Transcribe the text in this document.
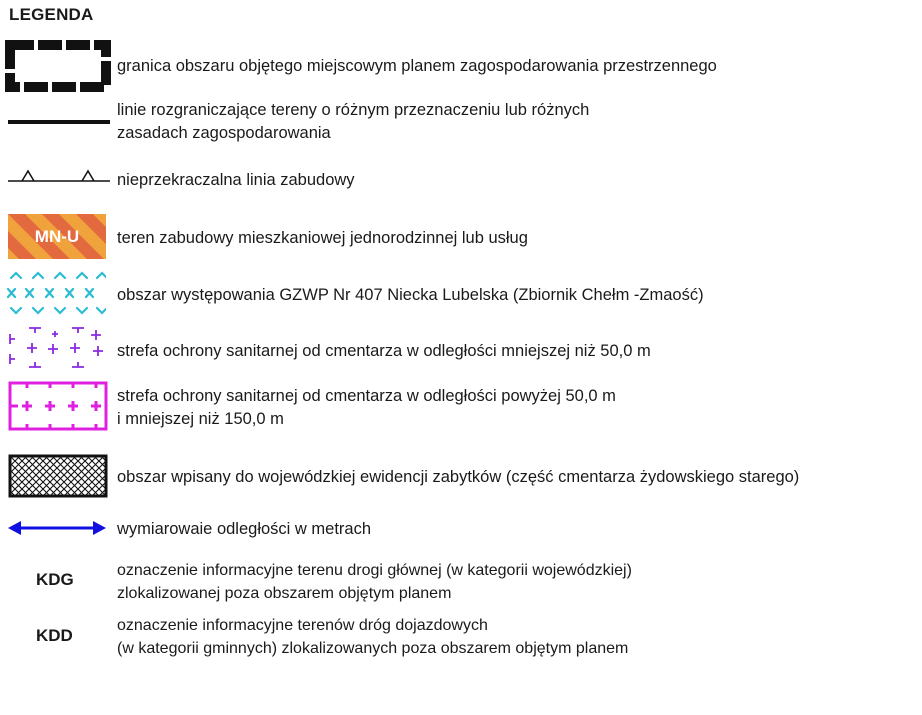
LEGENDA
granica obszaru objętego miejscowym planem zagospodarowania przestrzennego
linie rozgraniczające tereny o różnym przeznaczeniu lub różnych
zasadach zagospodarowania
nieprzekraczalna linia zabudowy
MN-U teren zabudowy mieszkaniowej jednorodzinnej lub usług
obszar występowania GZWP Nr 407 Niecka Lubelska (Zbiornik Chełm -Zmaość)
strefa ochrony sanitarnej od cmentarza w odległości mniejszej niż 50,0 m
strefa ochrony sanitarnej od cmentarza w odległości powyżej 50,0 m
i mniejszej niż 150,0 m
obszar wpisany do wojewódzkiej ewidencji zabytków (część cmentarza żydowskiego starego)
wymiarowaie odległości w metrach
KDG	oznaczenie informacyjne terenu drogi głównej (w kategorii wojewódzkiej)
zlokalizowanej poza obszarem objętym planem
KDD
oznaczenie informacyjne terenów dróg dojazdowych
(w kategorii gminnych) zlokalizowanych poza obszarem objętym planem
